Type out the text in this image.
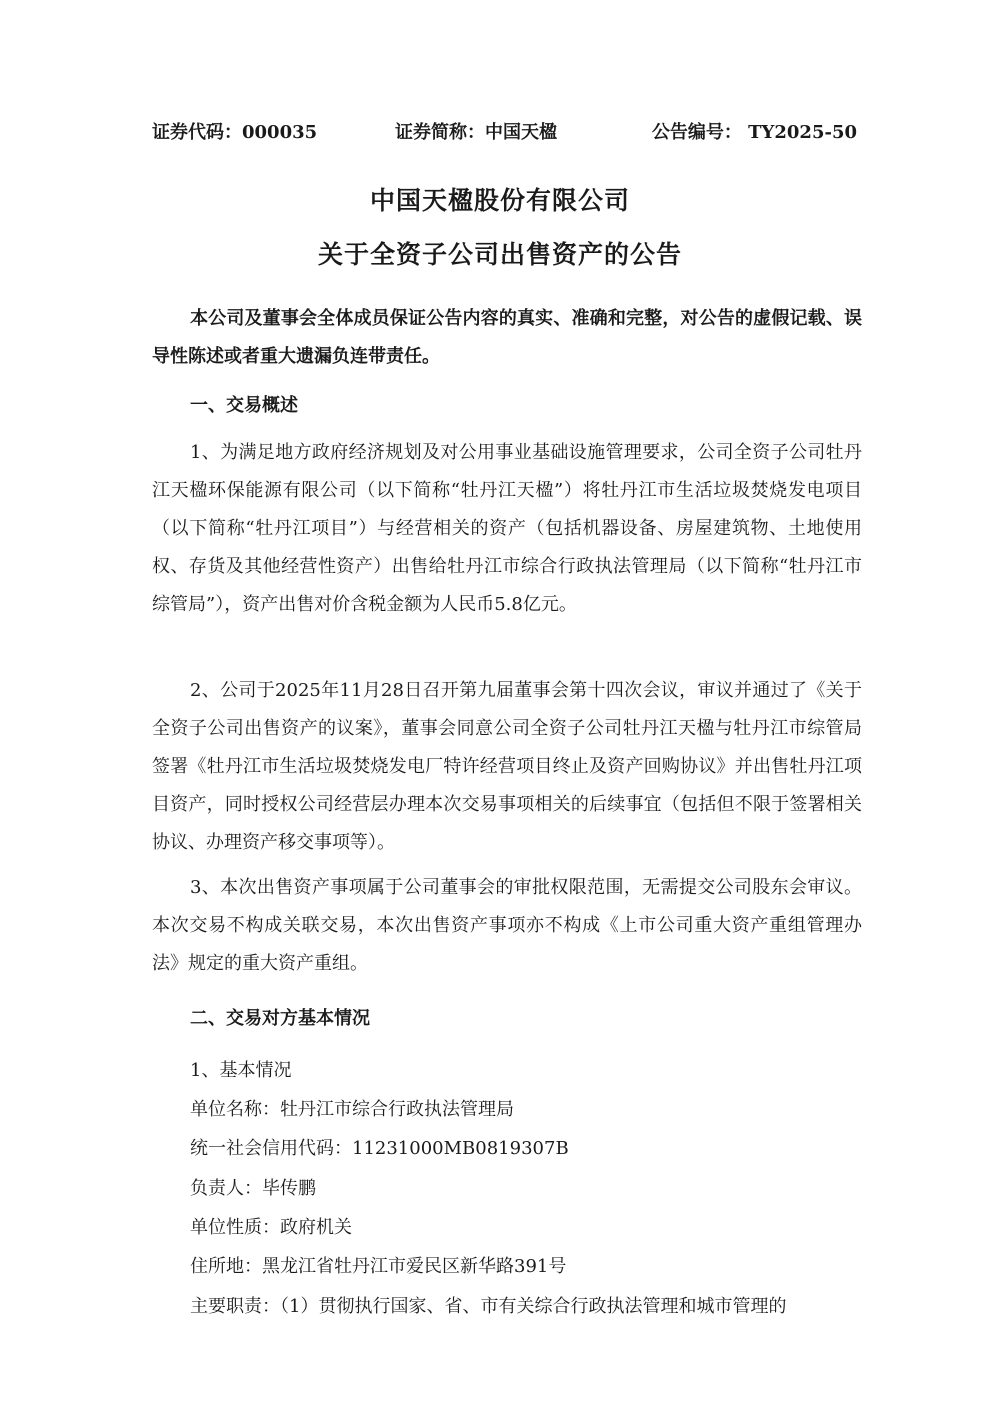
证券代码：000035	证券简称：中国天楹	公告编号： TY2025-50
中国天楹股份有限公司
关于全资子公司出售资产的公告

本公司及董事会全体成员保证公告内容的真实、准确和完整，对公告的虚假记载、误导性陈述或者重大遗漏负连带责任。

一、交易概述

1、为满足地方政府经济规划及对公用事业基础设施管理要求，公司全资子公司牡丹江天楹环保能源有限公司（以下简称“牡丹江天楹”）将牡丹江市生活垃圾焚烧发电项目（以下简称“牡丹江项目”）与经营相关的资产（包括机器设备、房屋建筑物、土地使用权、存货及其他经营性资产）出售给牡丹江市综合行政执法管理局（以下简称“牡丹江市综管局”），资产出售对价含税金额为人民币5.8亿元。

2、公司于2025年11月28日召开第九届董事会第十四次会议，审议并通过了《关于全资子公司出售资产的议案》，董事会同意公司全资子公司牡丹江天楹与牡丹江市综管局签署《牡丹江市生活垃圾焚烧发电厂特许经营项目终止及资产回购协议》并出售牡丹江项目资产，同时授权公司经营层办理本次交易事项相关的后续事宜（包括但不限于签署相关协议、办理资产移交事项等）。

3、本次出售资产事项属于公司董事会的审批权限范围，无需提交公司股东会审议。本次交易不构成关联交易，本次出售资产事项亦不构成《上市公司重大资产重组管理办法》规定的重大资产重组。

二、交易对方基本情况

1、基本情况

单位名称：牡丹江市综合行政执法管理局

统一社会信用代码：11231000MB0819307B

负责人：毕传鹏

单位性质：政府机关

住所地：黑龙江省牡丹江市爱民区新华路391号

主要职责：（1）贯彻执行国家、省、市有关综合行政执法管理和城市管理的
